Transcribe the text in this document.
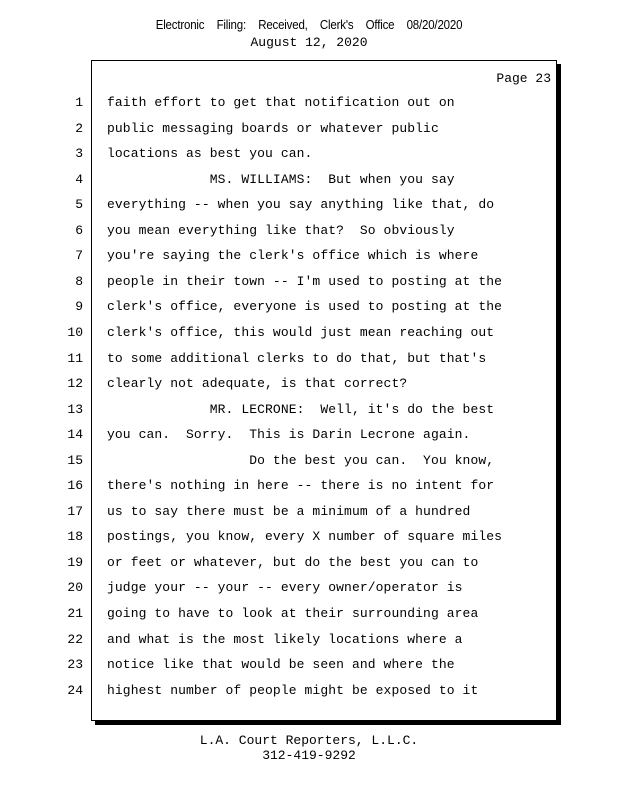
Electronic Filing: Received, Clerk's Office 08/20/2020
August 12, 2020
Page 23
1 faith effort to get that notification out on
2 public messaging boards or whatever public
3 locations as best you can.
4 MS. WILLIAMS:  But when you say
5 everything -- when you say anything like that, do
6 you mean everything like that?  So obviously
7 you're saying the clerk's office which is where
8 people in their town -- I'm used to posting at the
9 clerk's office, everyone is used to posting at the
10 clerk's office, this would just mean reaching out
11 to some additional clerks to do that, but that's
12 clearly not adequate, is that correct?
13 MR. LECRONE:  Well, it's do the best
14 you can.  Sorry.  This is Darin Lecrone again.
15 Do the best you can.  You know,
16 there's nothing in here -- there is no intent for
17 us to say there must be a minimum of a hundred
18 postings, you know, every X number of square miles
19 or feet or whatever, but do the best you can to
20 judge your -- your -- every owner/operator is
21 going to have to look at their surrounding area
22 and what is the most likely locations where a
23 notice like that would be seen and where the
24 highest number of people might be exposed to it
L.A. Court Reporters, L.L.C.
312-419-9292
